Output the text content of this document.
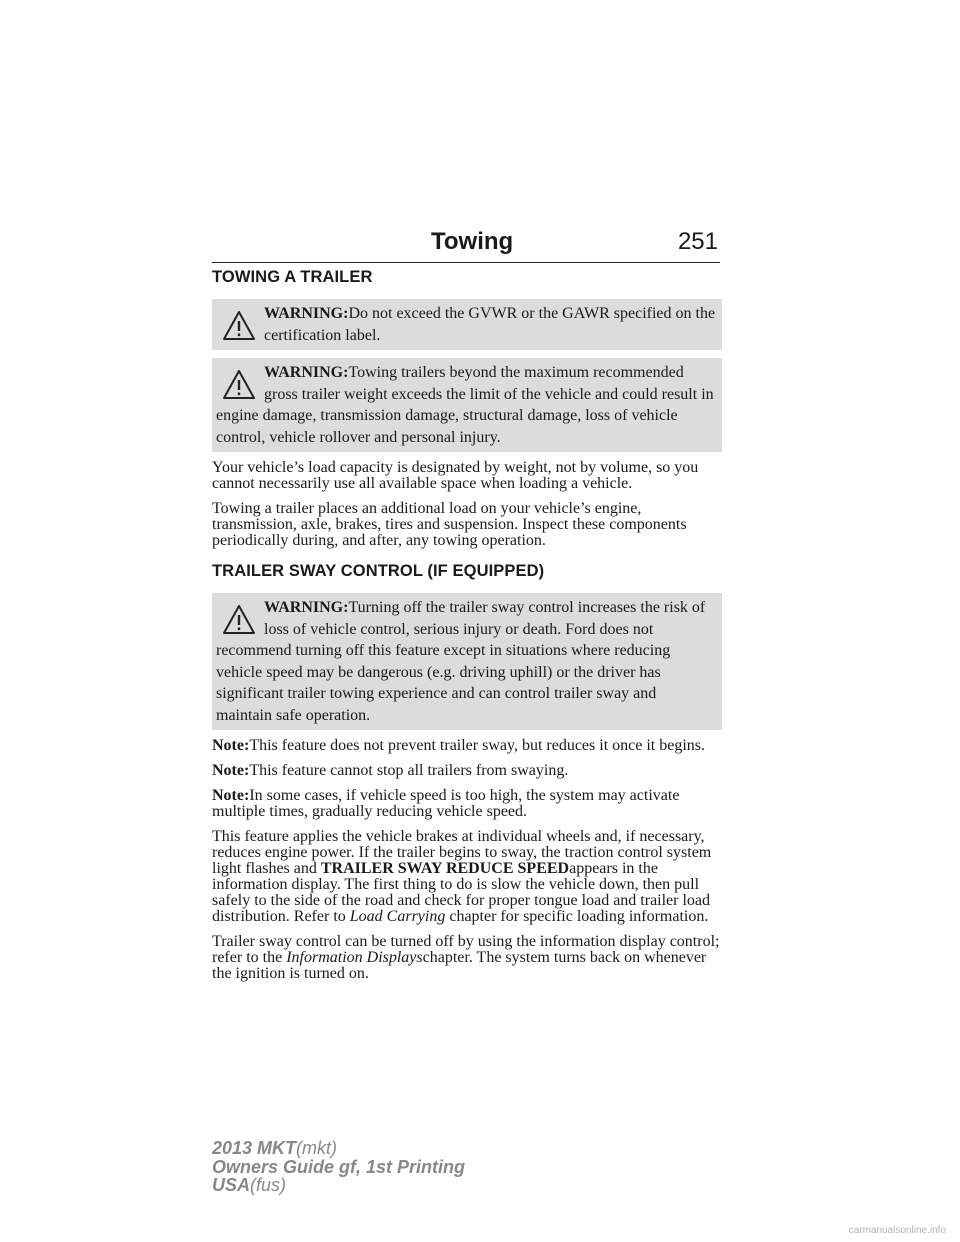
Towing	251
TOWING A TRAILER
WARNING:Do not exceed the GVWR or the GAWR specified on the certification label.
WARNING:Towing trailers beyond the maximum recommended gross trailer weight exceeds the limit of the vehicle and could result in engine damage, transmission damage, structural damage, loss of vehicle control, vehicle rollover and personal injury.

Your vehicle’s load capacity is designated by weight, not by volume, so you cannot necessarily use all available space when loading a vehicle.

Towing a trailer places an additional load on your vehicle’s engine, transmission, axle, brakes, tires and suspension. Inspect these components periodically during, and after, any towing operation.

TRAILER SWAY CONTROL (IF EQUIPPED)
WARNING:Turning off the trailer sway control increases the risk of loss of vehicle control, serious injury or death. Ford does not recommend turning off this feature except in situations where reducing vehicle speed may be dangerous (e.g. driving uphill) or the driver has significant trailer towing experience and can control trailer sway and maintain safe operation.

Note:This feature does not prevent trailer sway, but reduces it once it begins.

Note:This feature cannot stop all trailers from swaying.

Note:In some cases, if vehicle speed is too high, the system may activate multiple times, gradually reducing vehicle speed.

This feature applies the vehicle brakes at individual wheels and, if necessary, reduces engine power. If the trailer begins to sway, the traction control system light flashes and TRAILER SWAY REDUCE SPEEDappears in the information display. The first thing to do is slow the vehicle down, then pull safely to the side of the road and check for proper tongue load and trailer load distribution. Refer to Load Carrying chapter for specific loading information.

Trailer sway control can be turned off by using the information display control; refer to the Information Displayschapter. The system turns back on whenever the ignition is turned on.

2013 MKT(mkt)
Owners Guide gf, 1st Printing
USA(fus)
carmanualsonline.info
